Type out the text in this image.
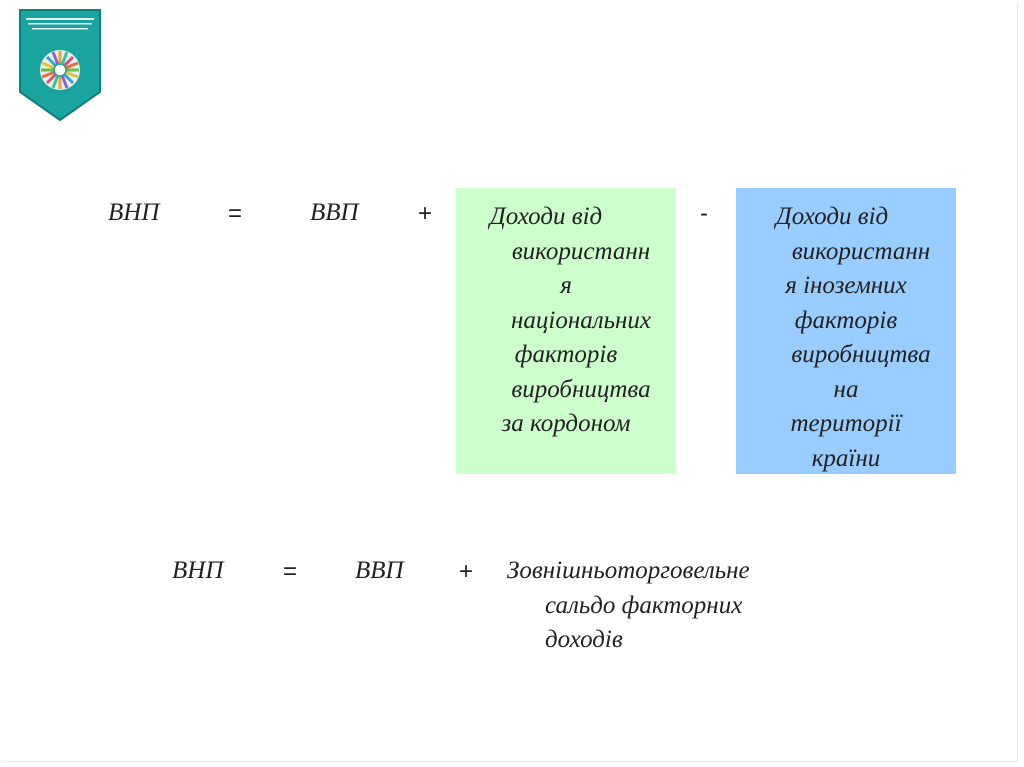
ВНП	=	ВВП +	Доходи від
використанн
я
національних
факторів
виробництва
за кордоном
-	Доходи від
використанн
я іноземних
факторів
виробництва
на
території
країни
ВНП = ВВП + Зовнішньоторговельне
сальдо факторних
доходів
